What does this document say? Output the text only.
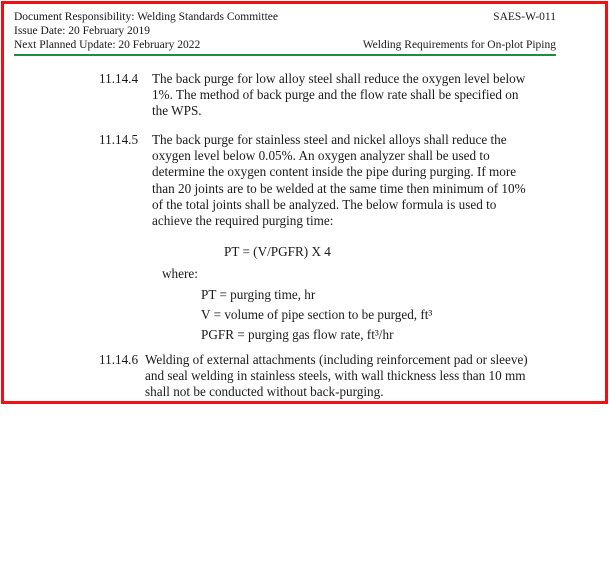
Document Responsibility: Welding Standards Committee
Issue Date: 20 February 2019
Next Planned Update: 20 February 2022
SAES-W-011
Welding Requirements for On-plot Piping
11.14.4 The back purge for low alloy steel shall reduce the oxygen level below
1%. The method of back purge and the flow rate shall be specified on
the WPS.
11.14.5 The back purge for stainless steel and nickel alloys shall reduce the
oxygen level below 0.05%. An oxygen analyzer shall be used to
determine the oxygen content inside the pipe during purging. If more
than 20 joints are to be welded at the same time then minimum of 10%
of the total joints shall be analyzed. The below formula is used to
achieve the required purging time:
PT = (V/PGFR) X 4
where:
PT = purging time, hr
V = volume of pipe section to be purged, ft³
PGFR = purging gas flow rate, ft³/hr
11.14.6 Welding of external attachments (including reinforcement pad or sleeve)
and seal welding in stainless steels, with wall thickness less than 10 mm
shall not be conducted without back-purging.
